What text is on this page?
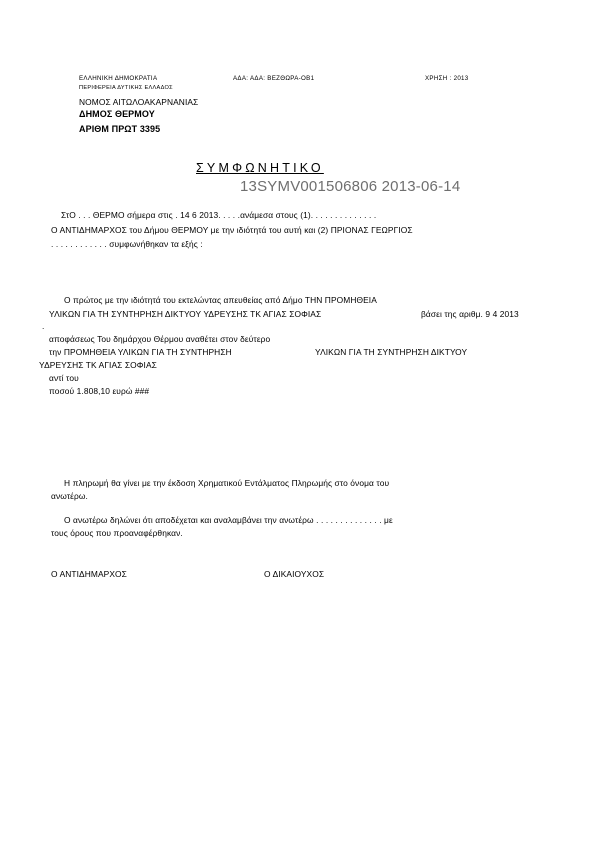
ΕΛΛΗΝΙΚΗ ΔΗΜΟΚΡΑΤΙΑ	ΑΔΑ: ΑΔΑ: ΒΕΖΘΩΡΑ-ΟΒ1	ΧΡΗΣΗ : 2013
ΠΕΡΙΦΕΡΕΙΑ ΔΥΤΙΚΗΣ ΕΛΛΑΔΟΣ
ΝΟΜΟΣ ΑΙΤΩΛΟΑΚΑΡΝΑΝΙΑΣ
ΔΗΜΟΣ ΘΕΡΜΟΥ
ΑΡΙΘΜ ΠΡΩΤ 3395
ΣΥΜΦΩΝΗΤΙΚΟ
13SYMV001506806 2013-06-14
ΣτΟ . . . ΘΕΡΜΟ σήμερα στις . 14 6 2013. . . . .ανάμεσα στους (1). . . . . . . . . . . . . .
Ο ΑΝΤΙΔΗΜΑΡΧΟΣ του Δήμου ΘΕΡΜΟΥ με την ιδιότητά του αυτή και (2) ΠΡΙΟΝΑΣ ΓΕΩΡΓΙΟΣ
. . . . . . . . . . . . συμφωνήθηκαν τα εξής :
Ο πρώτος με την ιδιότητά του εκτελώντας απευθείας από Δήμο ΤΗΝ ΠΡΟΜΗΘΕΙΑ
ΥΛΙΚΩΝ ΓΙΑ ΤΗ ΣΥΝΤΗΡΗΣΗ ΔΙΚΤΥΟΥ ΥΔΡΕΥΣΗΣ ΤΚ ΑΓΙΑΣ ΣΟΦΙΑΣ	βάσει της αριθμ. 9 4 2013
.
αποφάσεως Του δημάρχου Θέρμου αναθέτει στον δεύτερο
την ΠΡΟΜΗΘΕΙΑ ΥΛΙΚΩΝ ΓΙΑ ΤΗ ΣΥΝΤΗΡΗΣΗ	ΥΛΙΚΩΝ ΓΙΑ ΤΗ ΣΥΝΤΗΡΗΣΗ ΔΙΚΤΥΟΥ
ΥΔΡΕΥΣΗΣ ΤΚ ΑΓΙΑΣ ΣΟΦΙΑΣ
αντί του
ποσού 1.808,10 ευρώ ###
Η πληρωμή θα γίνει με την έκδοση Χρηματικού Εντάλματος Πληρωμής στο όνομα του
ανωτέρω.
Ο ανωτέρω δηλώνει ότι αποδέχεται και αναλαμβάνει την ανωτέρω . . . . . . . . . . . . . . με
τους όρους που προαναφέρθηκαν.
Ο ΑΝΤΙΔΗΜΑΡΧΟΣ	Ο ΔΙΚΑΙΟΥΧΟΣ
